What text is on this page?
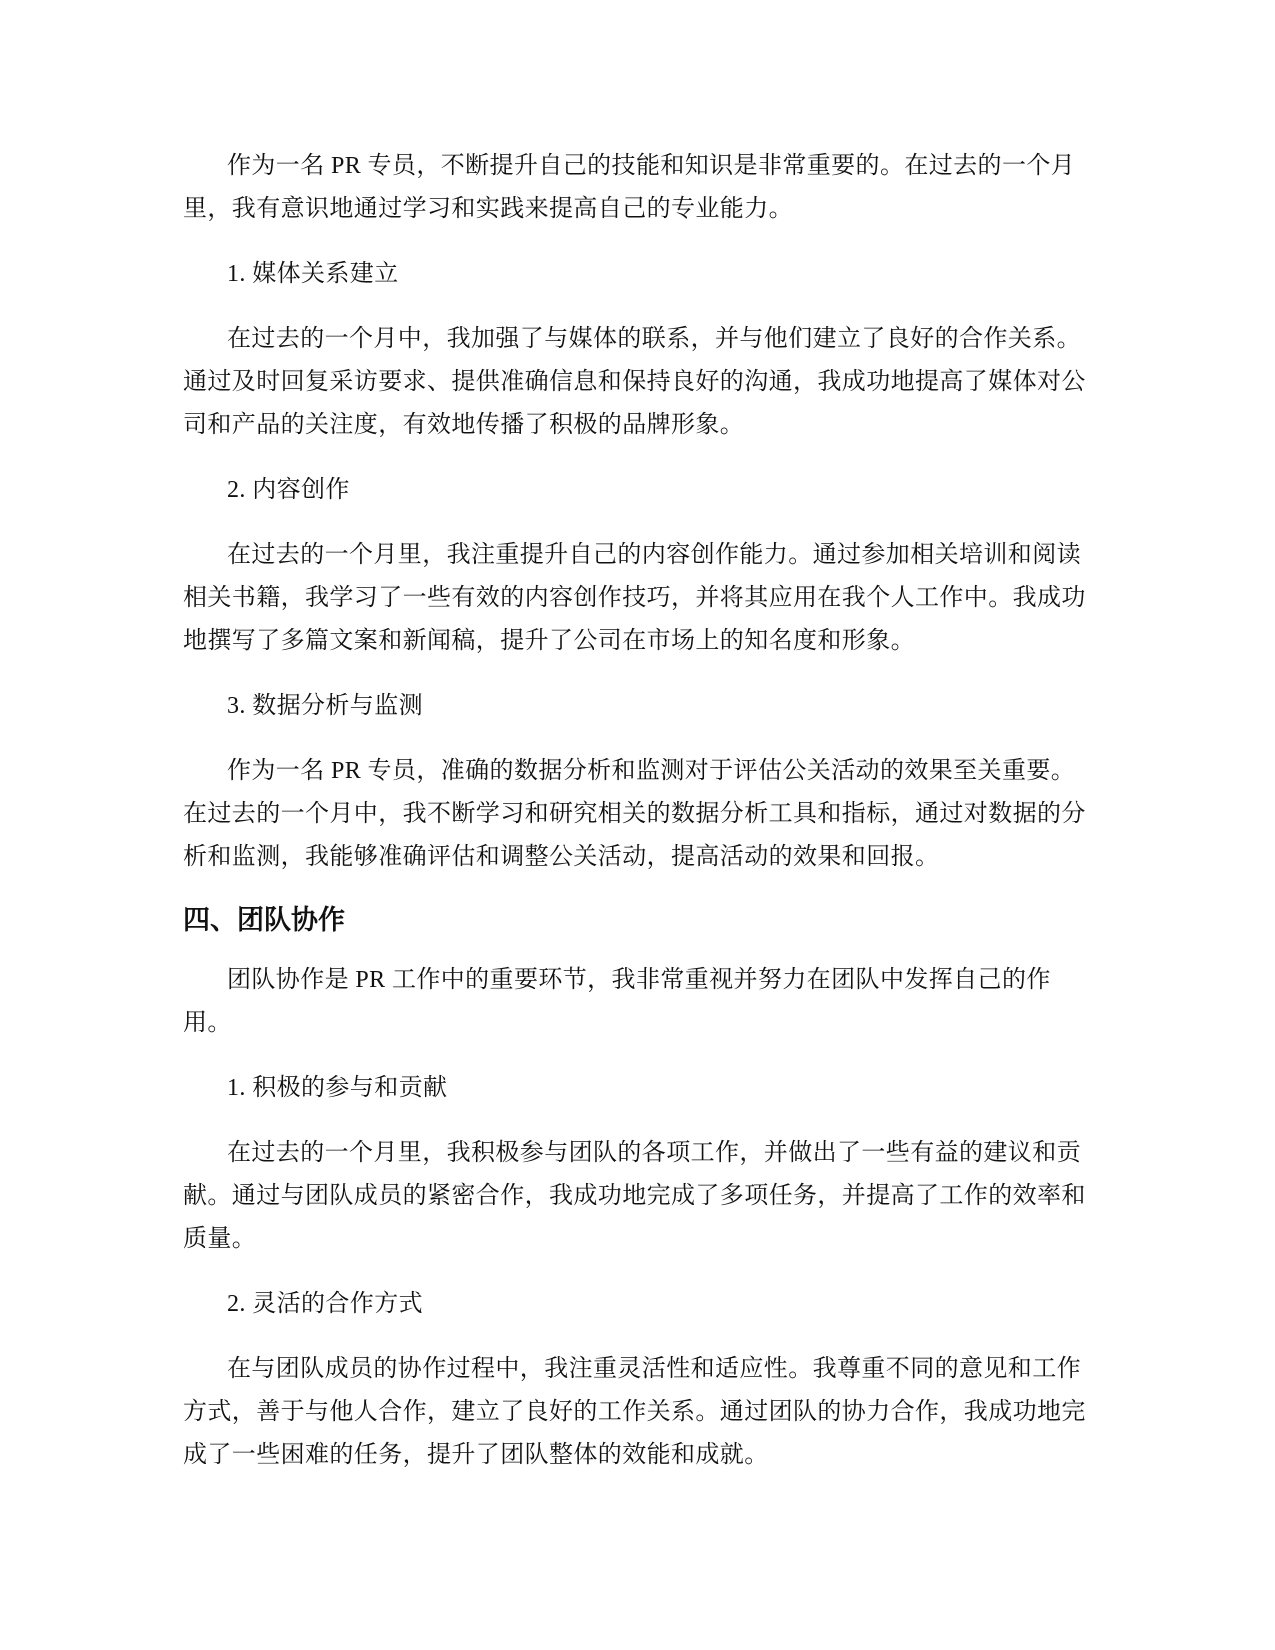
作为一名 PR 专员，不断提升自己的技能和知识是非常重要的。在过去的一个月里，我有意识地通过学习和实践来提高自己的专业能力。

1. 媒体关系建立

在过去的一个月中，我加强了与媒体的联系，并与他们建立了良好的合作关系。通过及时回复采访要求、提供准确信息和保持良好的沟通，我成功地提高了媒体对公司和产品的关注度，有效地传播了积极的品牌形象。

2. 内容创作

在过去的一个月里，我注重提升自己的内容创作能力。通过参加相关培训和阅读相关书籍，我学习了一些有效的内容创作技巧，并将其应用在我个人工作中。我成功地撰写了多篇文案和新闻稿，提升了公司在市场上的知名度和形象。

3. 数据分析与监测

作为一名 PR 专员，准确的数据分析和监测对于评估公关活动的效果至关重要。在过去的一个月中，我不断学习和研究相关的数据分析工具和指标，通过对数据的分析和监测，我能够准确评估和调整公关活动，提高活动的效果和回报。

四、团队协作

团队协作是 PR 工作中的重要环节，我非常重视并努力在团队中发挥自己的作用。

1. 积极的参与和贡献

在过去的一个月里，我积极参与团队的各项工作，并做出了一些有益的建议和贡献。通过与团队成员的紧密合作，我成功地完成了多项任务，并提高了工作的效率和质量。

2. 灵活的合作方式

在与团队成员的协作过程中，我注重灵活性和适应性。我尊重不同的意见和工作方式，善于与他人合作，建立了良好的工作关系。通过团队的协力合作，我成功地完成了一些困难的任务，提升了团队整体的效能和成就。
